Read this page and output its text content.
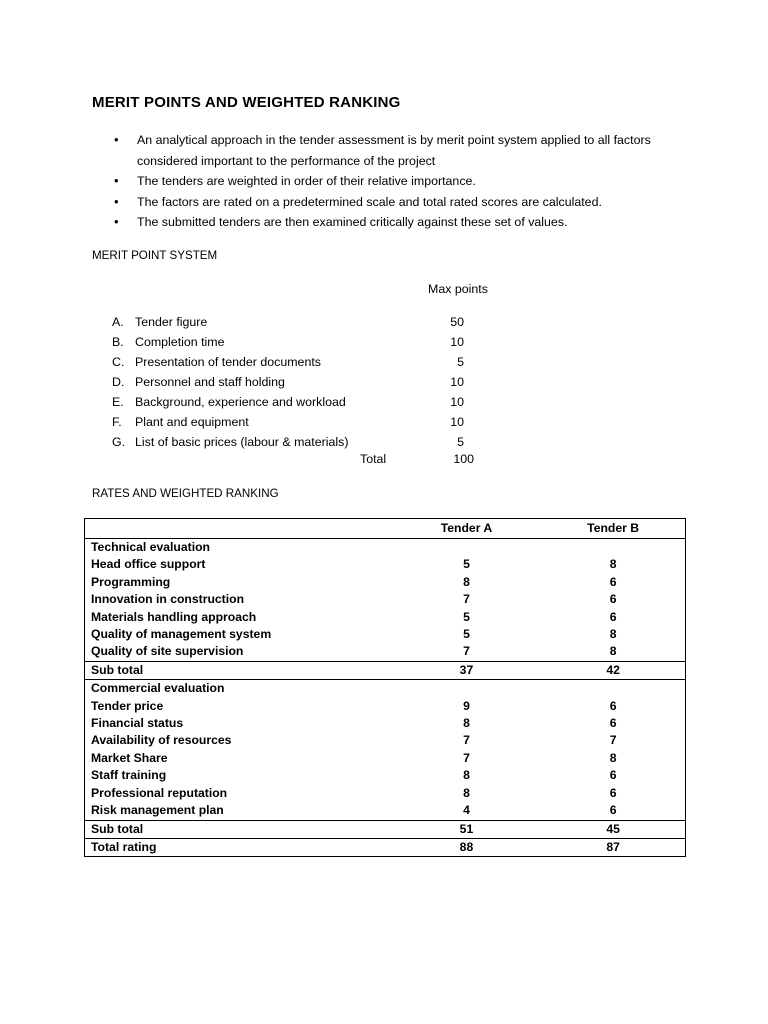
MERIT POINTS AND WEIGHTED RANKING
• An analytical approach in the tender assessment is by merit point system applied to all factors considered important to the performance of the project
• The tenders are weighted in order of their relative importance.
• The factors are rated on a predetermined scale and total rated scores are calculated.
• The submitted tenders are then examined critically against these set of values.
MERIT POINT SYSTEM
Max points
A. Tender figure	50
B. Completion time	10
C. Presentation of tender documents	5
D. Personnel and staff holding	10
E. Background, experience and workload	10
F.	Plant and equipment	10
G. List of basic prices (labour & materials)	5
Total	100
RATES AND WEIGHTED RANKING
	Tender A	Tender B
Technical evaluation		
Head office support	5	8
Programming	8	6
Innovation in construction	7	6
Materials handling approach	5	6
Quality of management system	5	8
Quality of site supervision	7	8
Sub total	37	42
Commercial evaluation		
Tender price	9	6
Financial status	8	6
Availability of resources	7	7
Market Share	7	8
Staff training	8	6
Professional reputation	8	6
Risk management plan	4	6
Sub total	51	45
Total rating	88	87
